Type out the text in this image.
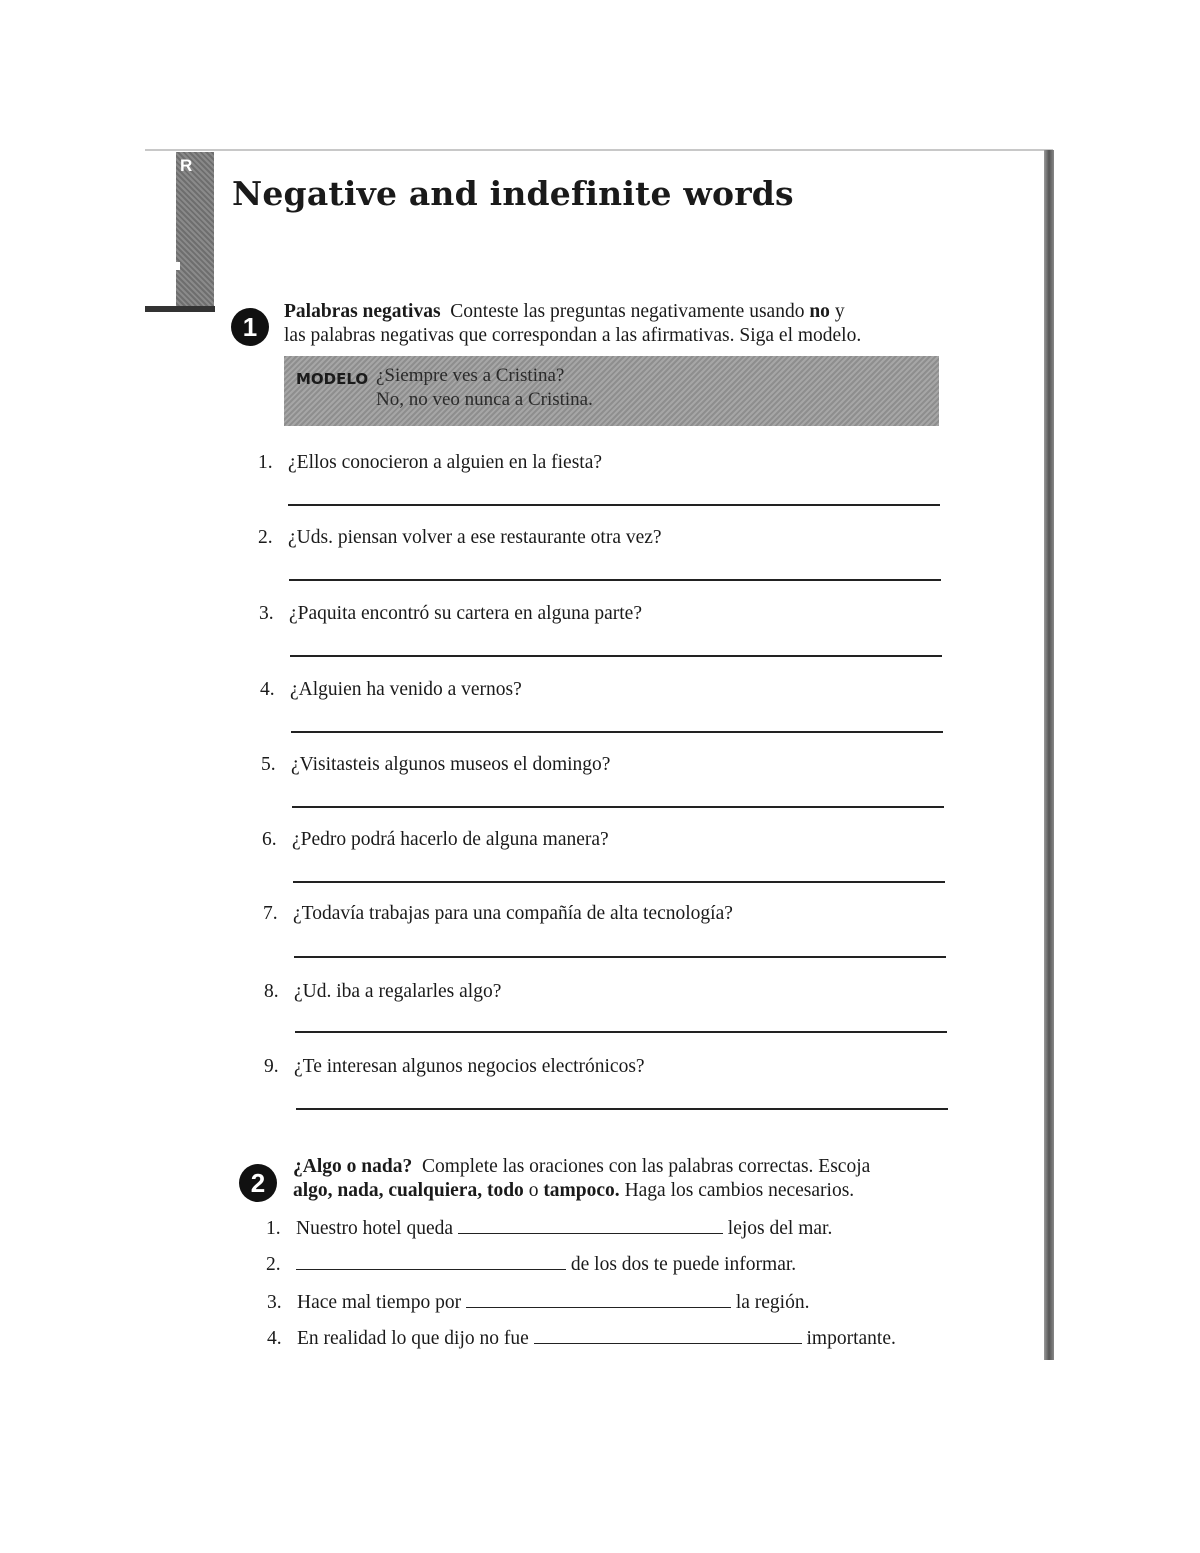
R
Negative and indefinite words
1
Palabras negativas Conteste las preguntas negativamente usando no y
las palabras negativas que correspondan a las afirmativas. Siga el modelo.
MODELO ¿Siempre ves a Cristina?
No, no veo nunca a Cristina.
1. ¿Ellos conocieron a alguien en la fiesta?
2. ¿Uds. piensan volver a ese restaurante otra vez?
3. ¿Paquita encontró su cartera en alguna parte?
4. ¿Alguien ha venido a vernos?
5. ¿Visitasteis algunos museos el domingo?
6. ¿Pedro podrá hacerlo de alguna manera?
7. ¿Todavía trabajas para una compañía de alta tecnología?
8. ¿Ud. iba a regalarles algo?
9. ¿Te interesan algunos negocios electrónicos?
2
¿Algo o nada? Complete las oraciones con las palabras correctas. Escoja
algo, nada, cualquiera, todo o tampoco. Haga los cambios necesarios.
1. Nuestro hotel queda	lejos del mar.
2.	de los dos te puede informar.
3. Hace mal tiempo por	la región.
4. En realidad lo que dijo no fue	importante.
